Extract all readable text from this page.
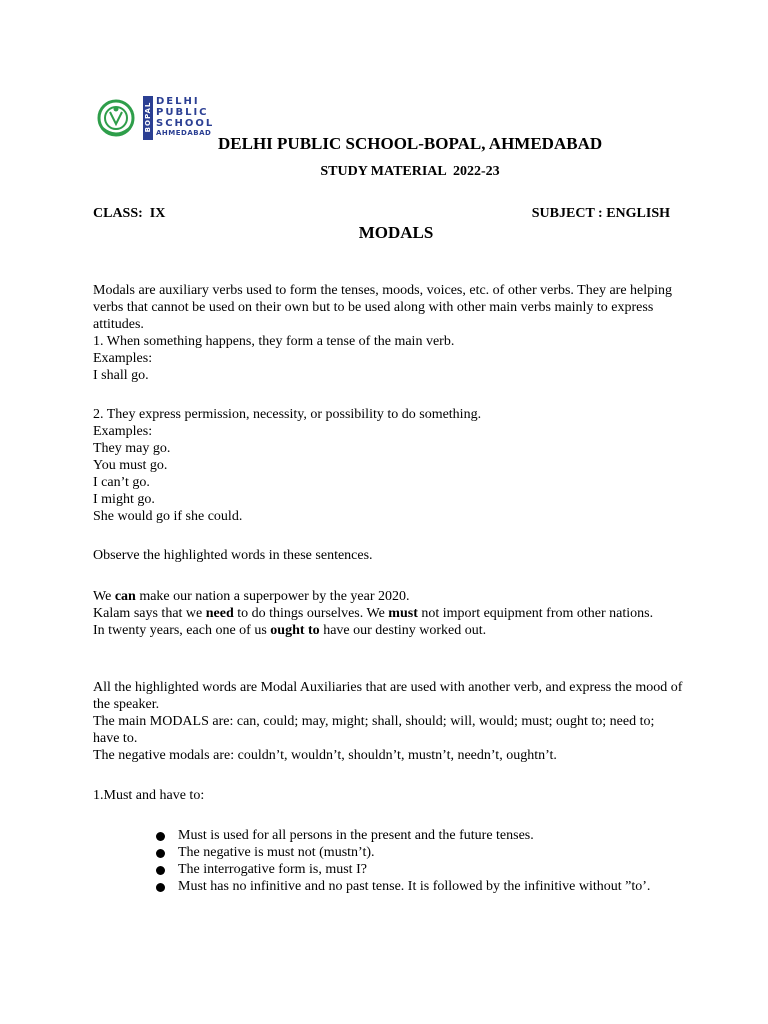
BOPAL
DELHI
PUBLIC
SCHOOL
AHMEDABAD
DELHI PUBLIC SCHOOL-BOPAL, AHMEDABAD
STUDY MATERIAL  2022-23
CLASS:  IX	SUBJECT : ENGLISH
MODALS

Modals are auxiliary verbs used to form the tenses, moods, voices, etc. of other verbs. They are helping verbs that cannot be used on their own but to be used along with other main verbs mainly to express attitudes.

1. When something happens, they form a tense of the main verb.

Examples:

I shall go.

2. They express permission, necessity, or possibility to do something.

Examples:

They may go.

You must go.

I can’t go.

I might go.

She would go if she could.

Observe the highlighted words in these sentences.

We can make our nation a superpower by the year 2020.

Kalam says that we need to do things ourselves. We must not import equipment from other nations.

In twenty years, each one of us ought to have our destiny worked out.

All the highlighted words are Modal Auxiliaries that are used with another verb, and express the mood of the speaker.

The main MODALS are: can, could; may, might; shall, should; will, would; must; ought to; need to; have to.

The negative modals are: couldn’t, wouldn’t, shouldn’t, mustn’t, needn’t, oughtn’t.

1.Must and have to:
Must is used for all persons in the present and the future tenses.
The negative is must not (mustn’t).
The interrogative form is, must I?
Must has no infinitive and no past tense. It is followed by the infinitive without ”to’.
